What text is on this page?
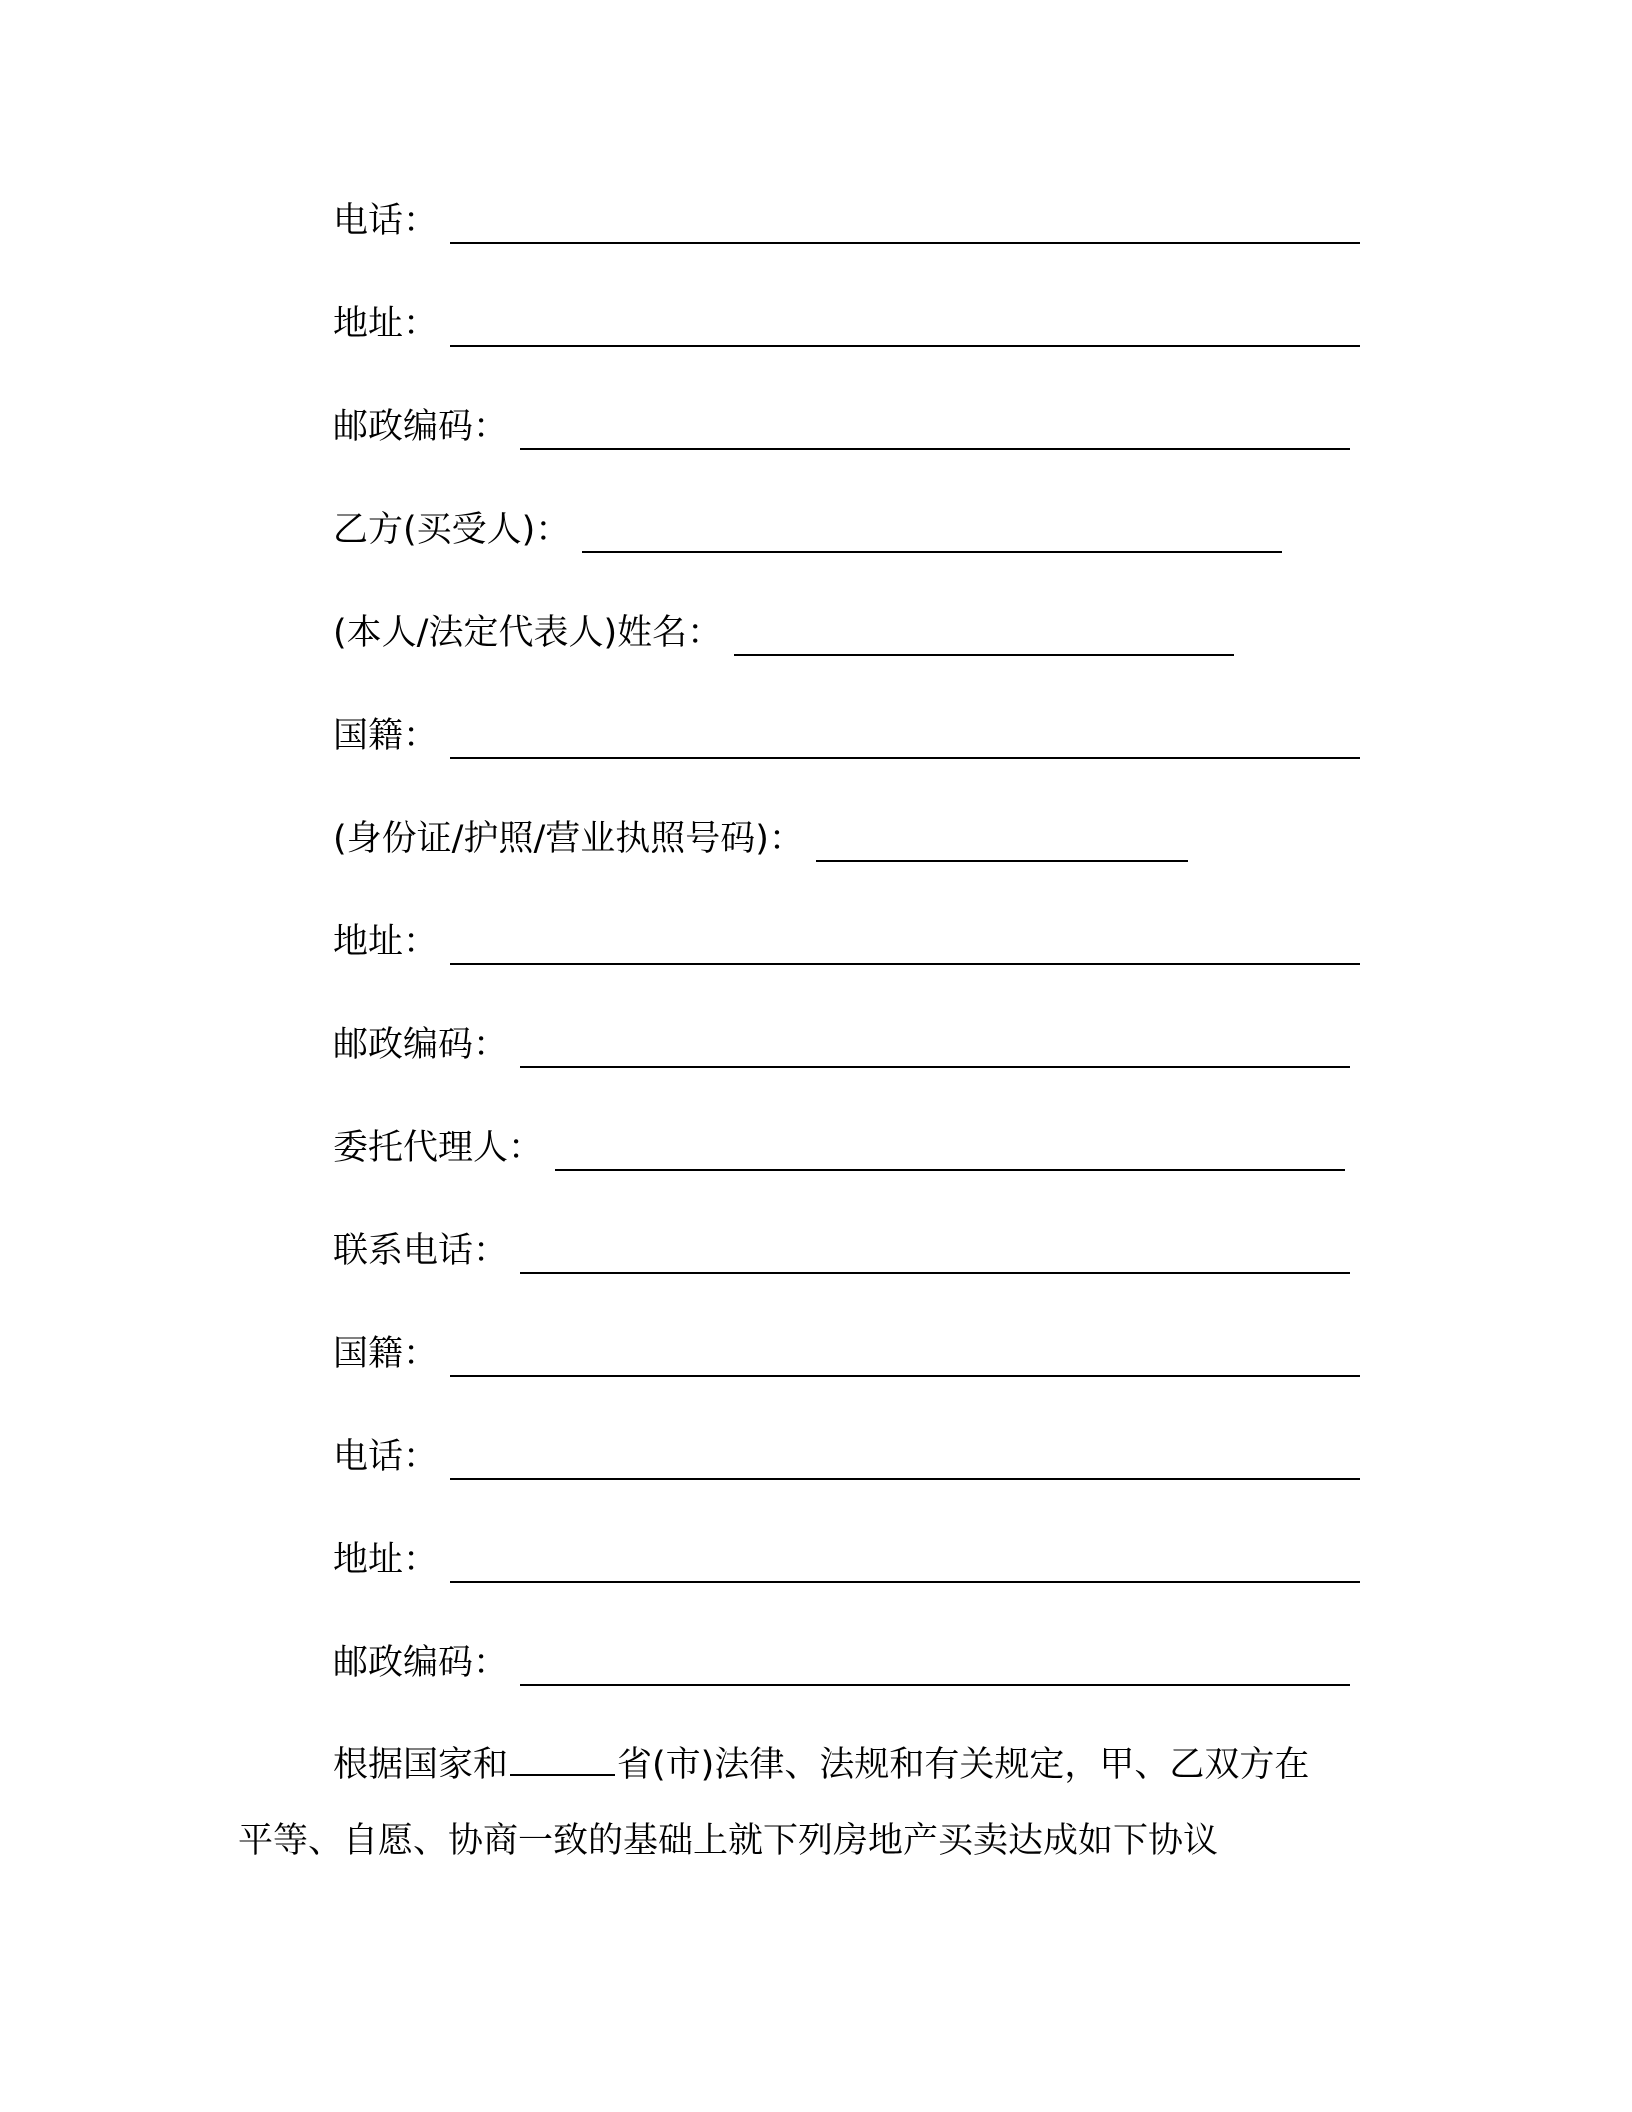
电话：
地址：
邮政编码：
乙方(买受人)：
(本人/法定代表人)姓名：
国籍：
(身份证/护照/营业执照号码)：
地址：
邮政编码：
委托代理人：
联系电话：
国籍：
电话：
地址：
邮政编码：
根据国家和	省(市)法律、法规和有关规定，甲、乙双方在
平等、自愿、协商一致的基础上就下列房地产买卖达成如下协议
